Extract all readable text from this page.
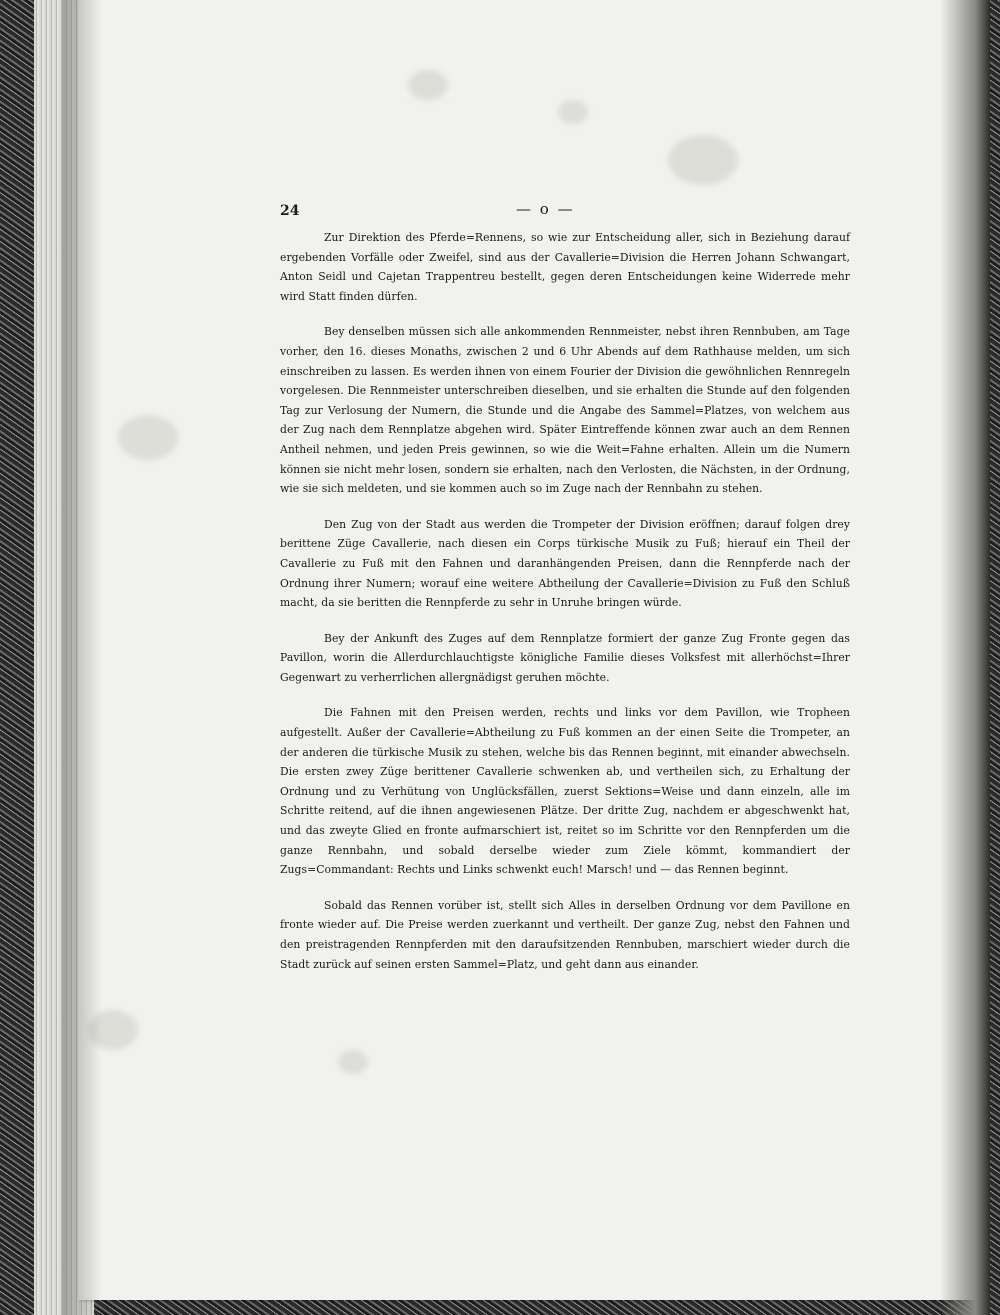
24	— o —

Zur Direktion des Pferde=Rennens, so wie zur Entscheidung aller, sich in Beziehung darauf ergebenden Vorfälle oder Zweifel, sind aus der Cavallerie=Division die Herren Johann Schwangart, Anton Seidl und Cajetan Trappentreu bestellt, gegen deren Entscheidungen keine Widerrede mehr wird Statt finden dürfen.

Bey denselben müssen sich alle ankommenden Rennmeister, nebst ihren Rennbuben, am Tage vorher, den 16. dieses Monaths, zwischen 2 und 6 Uhr Abends auf dem Rathhause melden, um sich einschreiben zu lassen. Es werden ihnen von einem Fourier der Division die gewöhnlichen Rennregeln vorgelesen. Die Rennmeister unterschreiben dieselben, und sie erhalten die Stunde auf den folgenden Tag zur Verlosung der Numern, die Stunde und die Angabe des Sammel=Platzes, von welchem aus der Zug nach dem Rennplatze abgehen wird. Später Eintreffende können zwar auch an dem Rennen Antheil nehmen, und jeden Preis gewinnen, so wie die Weit=Fahne erhalten. Allein um die Numern können sie nicht mehr losen, sondern sie erhalten, nach den Verlosten, die Nächsten, in der Ordnung, wie sie sich meldeten, und sie kommen auch so im Zuge nach der Rennbahn zu stehen.

Den Zug von der Stadt aus werden die Trompeter der Division eröffnen; darauf folgen drey berittene Züge Cavallerie, nach diesen ein Corps türkische Musik zu Fuß; hierauf ein Theil der Cavallerie zu Fuß mit den Fahnen und daranhängenden Preisen, dann die Rennpferde nach der Ordnung ihrer Numern; worauf eine weitere Abtheilung der Cavallerie=Division zu Fuß den Schluß macht, da sie beritten die Rennpferde zu sehr in Unruhe bringen würde.

Bey der Ankunft des Zuges auf dem Rennplatze formiert der ganze Zug Fronte gegen das Pavillon, worin die Allerdurchlauchtigste königliche Familie dieses Volksfest mit allerhöchst=Ihrer Gegenwart zu verherrlichen allergnädigst geruhen möchte.

Die Fahnen mit den Preisen werden, rechts und links vor dem Pavillon, wie Trophеen aufgestellt. Außer der Cavallerie=Abtheilung zu Fuß kommen an der einen Seite die Trompeter, an der anderen die türkische Musik zu stehen, welche bis das Rennen beginnt, mit einander abwechseln. Die ersten zwey Züge berittener Cavallerie schwenken ab, und vertheilen sich, zu Erhaltung der Ordnung und zu Verhütung von Unglücksfällen, zuerst Sektions=Weise und dann einzeln, alle im Schritte reitend, auf die ihnen angewiesenen Plätze. Der dritte Zug, nachdem er abgeschwenkt hat, und das zweyte Glied en fronte aufmarschiert ist, reitet so im Schritte vor den Rennpferden um die ganze Rennbahn, und sobald derselbe wieder zum Ziele kömmt, kommandiert der Zugs=Commandant: Rechts und Links schwenkt euch! Marsch! und — das Rennen beginnt.

Sobald das Rennen vorüber ist, stellt sich Alles in derselben Ordnung vor dem Pavillone en fronte wieder auf. Die Preise werden zuerkannt und vertheilt. Der ganze Zug, nebst den Fahnen und den preistragenden Rennpferden mit den daraufsitzenden Rennbuben, marschiert wieder durch die Stadt zurück auf seinen ersten Sammel=Platz, und geht dann aus einander.
